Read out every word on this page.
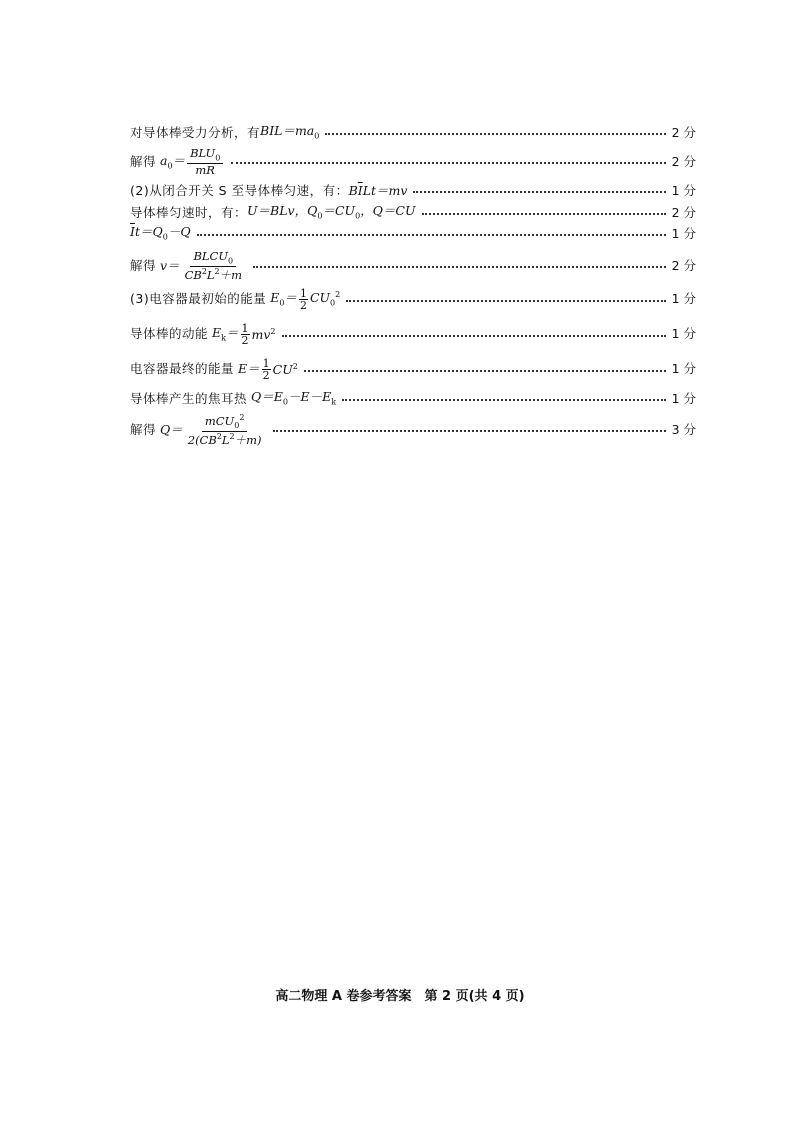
对导体棒受力分析，有 $BIL=ma_0$	2 分
解得 $a_0= \frac{BLU_0}{mR}$	2 分
(2)从闭合开关 S 至导体棒匀速，有： $B\overline{I}Lt=mv$	1 分
导体棒匀速时，有： U＝BLv，$Q_0=CU_0$，Q＝CU	2 分
$\overline{I}t=Q_0-Q$	1 分
解得 $v= \frac{BLCU_0}{CB^2L^2+m}$	2 分
(3)电容器最初始的能量 $E_0= \frac{1}{2} CU_0^2$	1 分
导体棒的动能 $E_k= \frac{1}{2} mv^2$	1 分
电容器最终的能量 $E= \frac{1}{2} CU^2$	1 分
导体棒产生的焦耳热 $Q=E_0-E-E_k$	1 分
解得 $Q= \frac{mCU_0^2}{2(CB^2L^2+m)}$	3 分
高二物理 A 卷参考答案　第 2 页(共 4 页)
